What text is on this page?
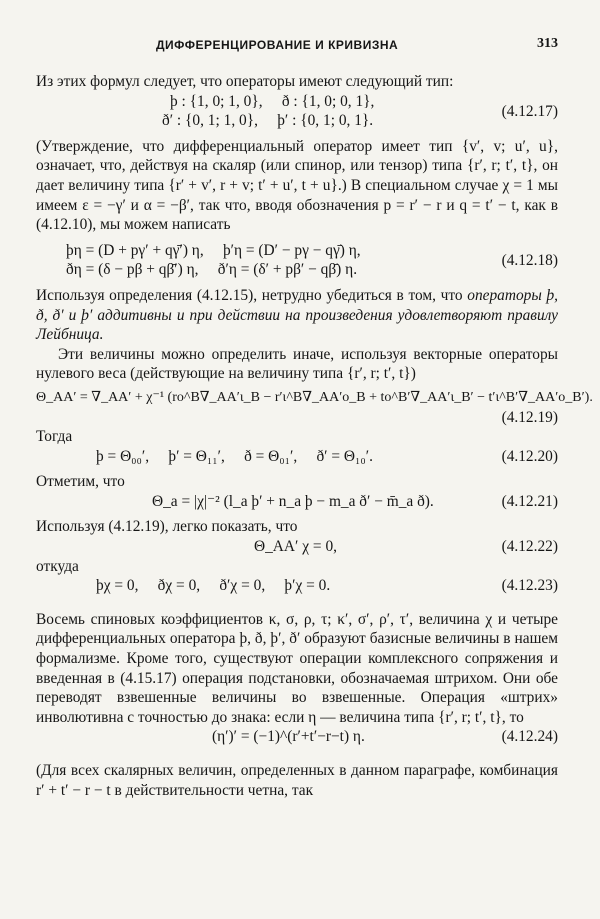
ДИФФЕРЕНЦИРОВАНИЕ И КРИВИЗНА	313

Из этих формул следует, что операторы имеют следующий тип:

þ : {1, 0; 1, 0},     ð : {1, 0; 0, 1},
ð′ : {0, 1; 1, 0},     þ′ : {0, 1; 0, 1}.
(4.12.17)

(Утверждение, что дифференциальный оператор имеет тип {v′, v; u′, u}, означает, что, действуя на скаляр (или спинор, или тензор) типа {r′, r; t′, t}, он дает величину типа {r′ + v′, r + v; t′ + u′, t + u}.) В специальном случае χ = 1 мы имеем ε = −γ′ и α = −β′, так что, вводя обозначения p = r′ − r и q = t′ − t, как в (4.12.10), мы можем написать

þη = (D + pγ′ + qγ̄′) η,     þ′η = (D′ − pγ − qγ̄) η,
ðη = (δ − pβ + qβ̄′) η,     ð′η = (δ′ + pβ′ − qβ̄) η.
(4.12.18)

Используя определения (4.12.15), нетрудно убедиться в том, что операторы þ, ð, ð′ и þ′ аддитивны и при действии на произведения удовлетворяют правилу Лейбница.

Эти величины можно определить иначе, используя векторные операторы нулевого веса (действующие на величину типа {r′, r; t′, t})

Θ_AA′ = ∇_AA′ + χ⁻¹ (ro^B∇_AA′ι_B − r′ι^B∇_AA′o_B + to^B′∇_AA′ι_B′ − t′ι^B′∇_AA′o_B′).
(4.12.19)

Тогда

þ = Θ₀₀′,     þ′ = Θ₁₁′,     ð = Θ₀₁′,     ð′ = Θ₁₀′.	(4.12.20)

Отметим, что

Θ_a = |χ|⁻² (l_a þ′ + n_a þ − m_a ð′ − m̄_a ð).	(4.12.21)

Используя (4.12.19), легко показать, что

Θ_AA′ χ = 0,	(4.12.22)

откуда

þχ = 0,     ðχ = 0,     ð′χ = 0,     þ′χ = 0.	(4.12.23)

Восемь спиновых коэффициентов κ, σ, ρ, τ; κ′, σ′, ρ′, τ′, величина χ и четыре дифференциальных оператора þ, ð, þ′, ð′ образуют базисные величины в нашем формализме. Кроме того, существуют операции комплексного сопряжения и введенная в (4.15.17) операция подстановки, обозначаемая штрихом. Они обе переводят взвешенные величины во взвешенные. Операция «штрих» инволютивна с точностью до знака: если η — величина типа {r′, r; t′, t}, то

(η′)′ = (−1)^(r′+t′−r−t) η.	(4.12.24)

(Для всех скалярных величин, определенных в данном параграфе, комбинация r′ + t′ − r − t в действительности четна, так
